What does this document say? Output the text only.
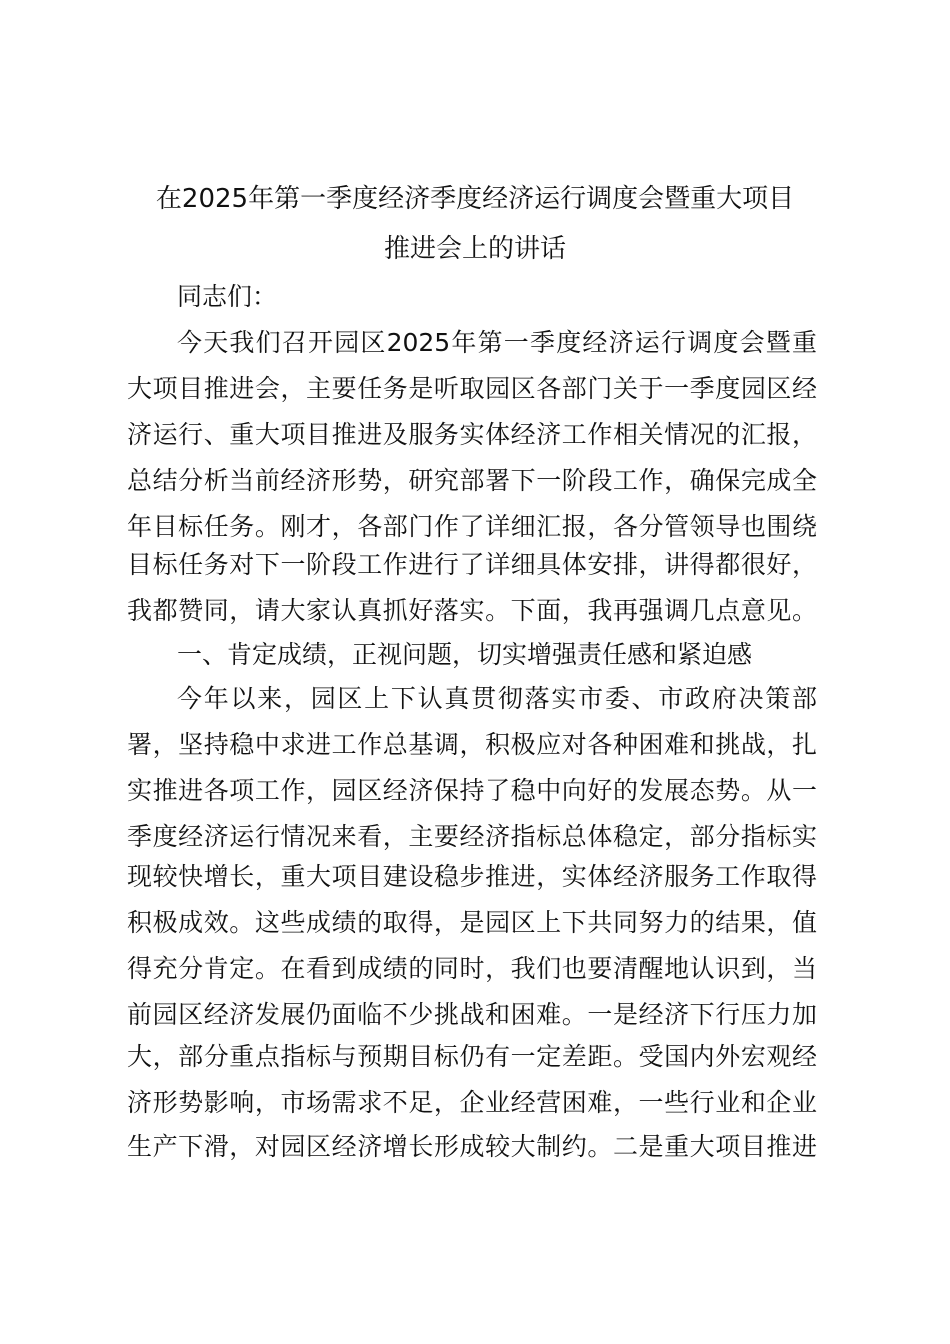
在2025年第一季度经济季度经济运行调度会暨重大项目
推进会上的讲话

同志们：

今天我们召开园区2025年第一季度经济运行调度会暨重

大项目推进会，主要任务是听取园区各部门关于一季度园区经

济运行、重大项目推进及服务实体经济工作相关情况的汇报，

总结分析当前经济形势，研究部署下一阶段工作，确保完成全

年目标任务。刚才，各部门作了详细汇报，各分管领导也围绕

目标任务对下一阶段工作进行了详细具体安排，讲得都很好，

我都赞同，请大家认真抓好落实。下面，我再强调几点意见。

一、肯定成绩，正视问题，切实增强责任感和紧迫感

今年以来，园区上下认真贯彻落实市委、市政府决策部

署，坚持稳中求进工作总基调，积极应对各种困难和挑战，扎

实推进各项工作，园区经济保持了稳中向好的发展态势。从一

季度经济运行情况来看，主要经济指标总体稳定，部分指标实

现较快增长，重大项目建设稳步推进，实体经济服务工作取得

积极成效。这些成绩的取得，是园区上下共同努力的结果，值

得充分肯定。在看到成绩的同时，我们也要清醒地认识到，当

前园区经济发展仍面临不少挑战和困难。一是经济下行压力加

大，部分重点指标与预期目标仍有一定差距。受国内外宏观经

济形势影响，市场需求不足，企业经营困难，一些行业和企业

生产下滑，对园区经济增长形成较大制约。二是重大项目推进
